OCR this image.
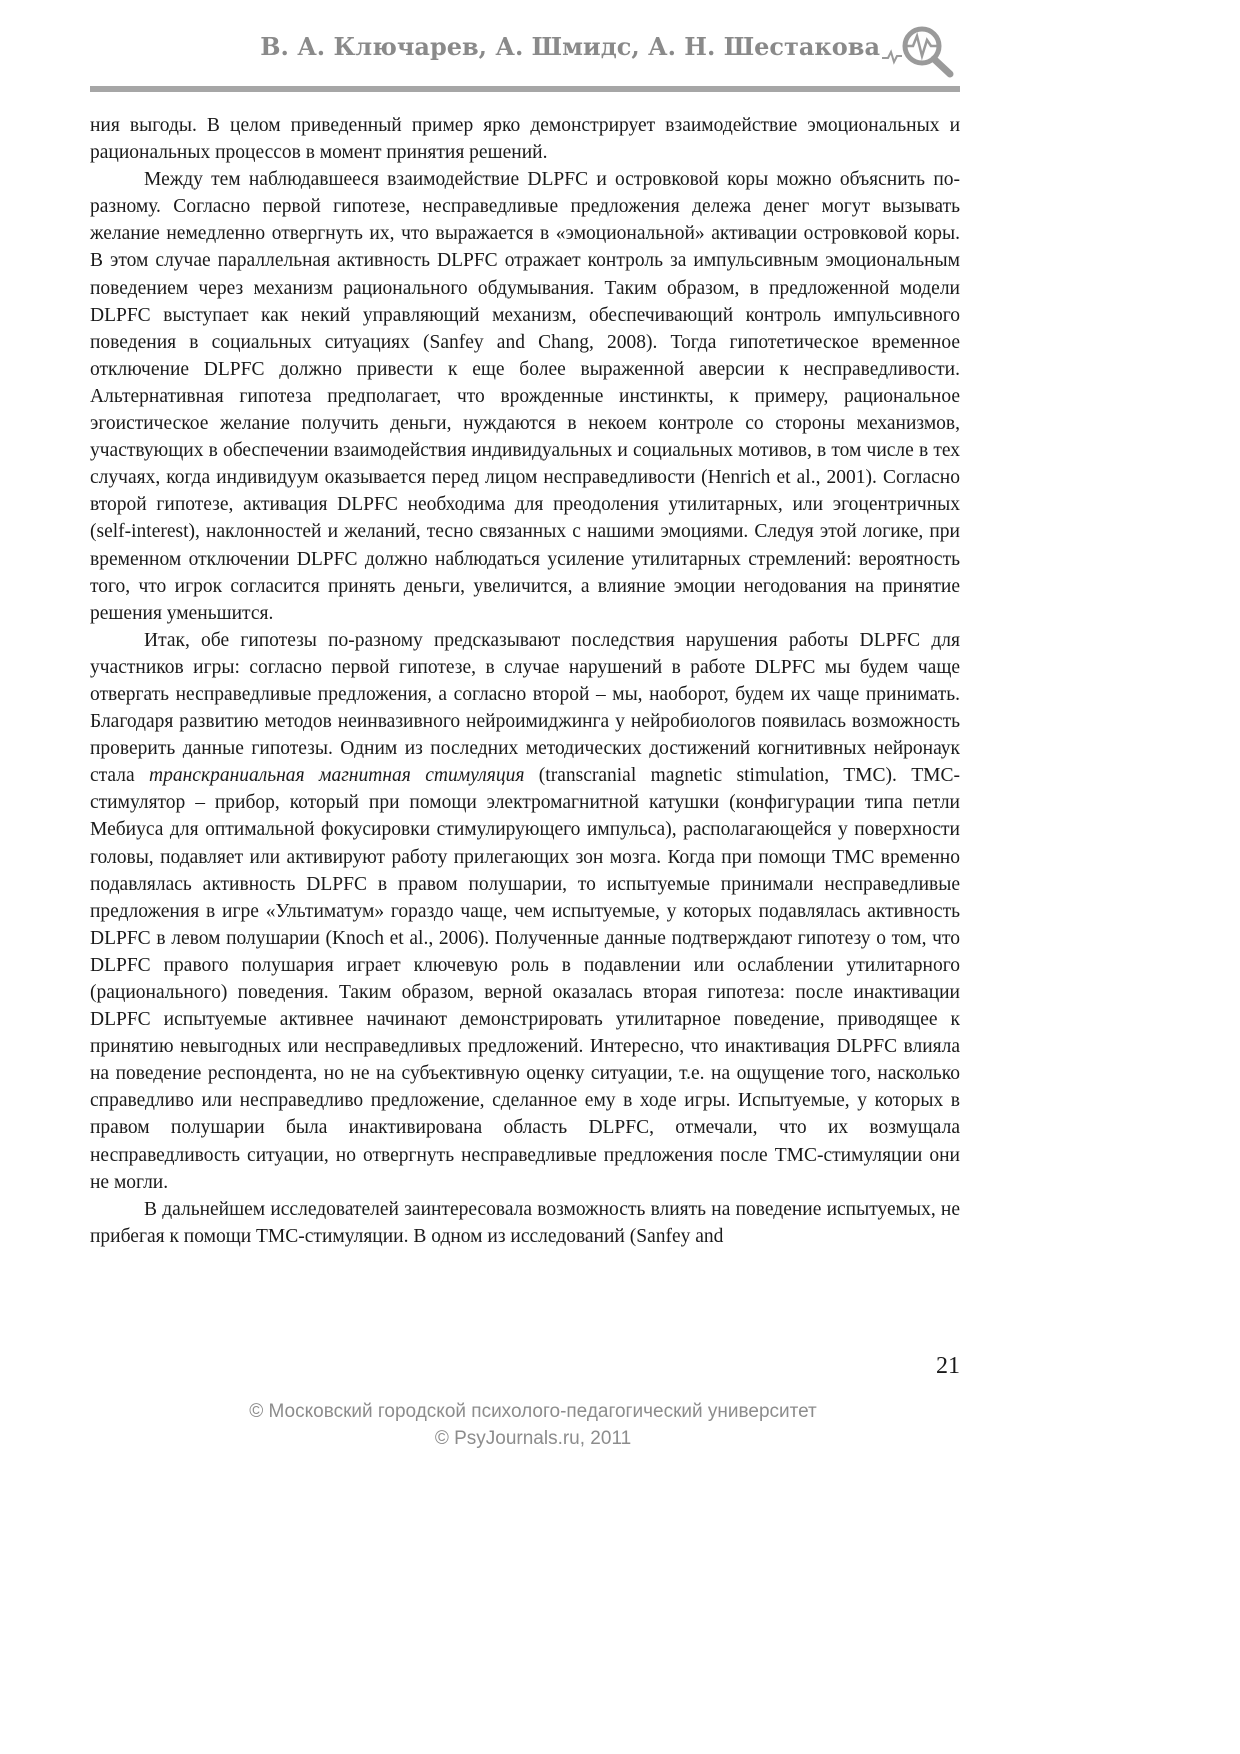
В. А. Ключарев, А. Шмидс, А. Н. Шестакова

ния выгоды. В целом приведенный пример ярко демонстрирует взаимодействие эмоциональных и рациональных процессов в момент принятия решений.

Между тем наблюдавшееся взаимодействие DLPFC и островковой коры можно объяснить по-разному. Согласно первой гипотезе, несправедливые предложения дележа денег могут вызывать желание немедленно отвергнуть их, что выражается в «эмоциональной» активации островковой коры. В этом случае параллельная активность DLPFC отражает контроль за импульсивным эмоциональным поведением через механизм рационального обдумывания. Таким образом, в предложенной модели DLPFC выступает как некий управляющий механизм, обеспечивающий контроль импульсивного поведения в социальных ситуациях (Sanfey and Chang, 2008). Тогда гипотетическое временное отключение DLPFC должно привести к еще более выраженной аверсии к несправедливости. Альтернативная гипотеза предполагает, что врожденные инстинкты, к примеру, рациональное эгоистическое желание получить деньги, нуждаются в некоем контроле со стороны механизмов, участвующих в обеспечении взаимодействия индивидуальных и социальных мотивов, в том числе в тех случаях, когда индивидуум оказывается перед лицом несправедливости (Henrich et al., 2001). Согласно второй гипотезе, активация DLPFC необходима для преодоления утилитарных, или эгоцентричных (self-interest), наклонностей и желаний, тесно связанных с нашими эмоциями. Следуя этой логике, при временном отключении DLPFC должно наблюдаться усиление утилитарных стремлений: вероятность того, что игрок согласится принять деньги, увеличится, а влияние эмоции негодования на принятие решения уменьшится.

Итак, обе гипотезы по-разному предсказывают последствия нарушения работы DLPFC для участников игры: согласно первой гипотезе, в случае нарушений в работе DLPFC мы будем чаще отвергать несправедливые предложения, а согласно второй – мы, наоборот, будем их чаще принимать. Благодаря развитию методов неинвазивного нейроимиджинга у нейробиологов появилась возможность проверить данные гипотезы. Одним из последних методических достижений когнитивных нейронаук стала транскраниальная магнитная стимуляция (transcranial magnetic stimulation, TMC). TMC-стимулятор – прибор, который при помощи электромагнитной катушки (конфигурации типа петли Мебиуса для оптимальной фокусировки стимулирующего импульса), располагающейся у поверхности головы, подавляет или активируют работу прилегающих зон мозга. Когда при помощи TMC временно подавлялась активность DLPFC в правом полушарии, то испытуемые принимали несправедливые предложения в игре «Ультиматум» гораздо чаще, чем испытуемые, у которых подавлялась активность DLPFC в левом полушарии (Knoch et al., 2006). Полученные данные подтверждают гипотезу о том, что DLPFC правого полушария играет ключевую роль в подавлении или ослаблении утилитарного (рационального) поведения. Таким образом, верной оказалась вторая гипотеза: после инактивации DLPFC испытуемые активнее начинают демонстрировать утилитарное поведение, приводящее к принятию невыгодных или несправедливых предложений. Интересно, что инактивация DLPFC влияла на поведение респондента, но не на субъективную оценку ситуации, т.е. на ощущение того, насколько справедливо или несправедливо предложение, сделанное ему в ходе игры. Испытуемые, у которых в правом полушарии была инактивирована область DLPFC, отмечали, что их возмущала несправедливость ситуации, но отвергнуть несправедливые предложения после TMC-стимуляции они не могли.

В дальнейшем исследователей заинтересовала возможность влиять на поведение испытуемых, не прибегая к помощи TMC-стимуляции. В одном из исследований (Sanfey and

21
© Московский городской психолого-педагогический университет
© PsyJournals.ru, 2011
